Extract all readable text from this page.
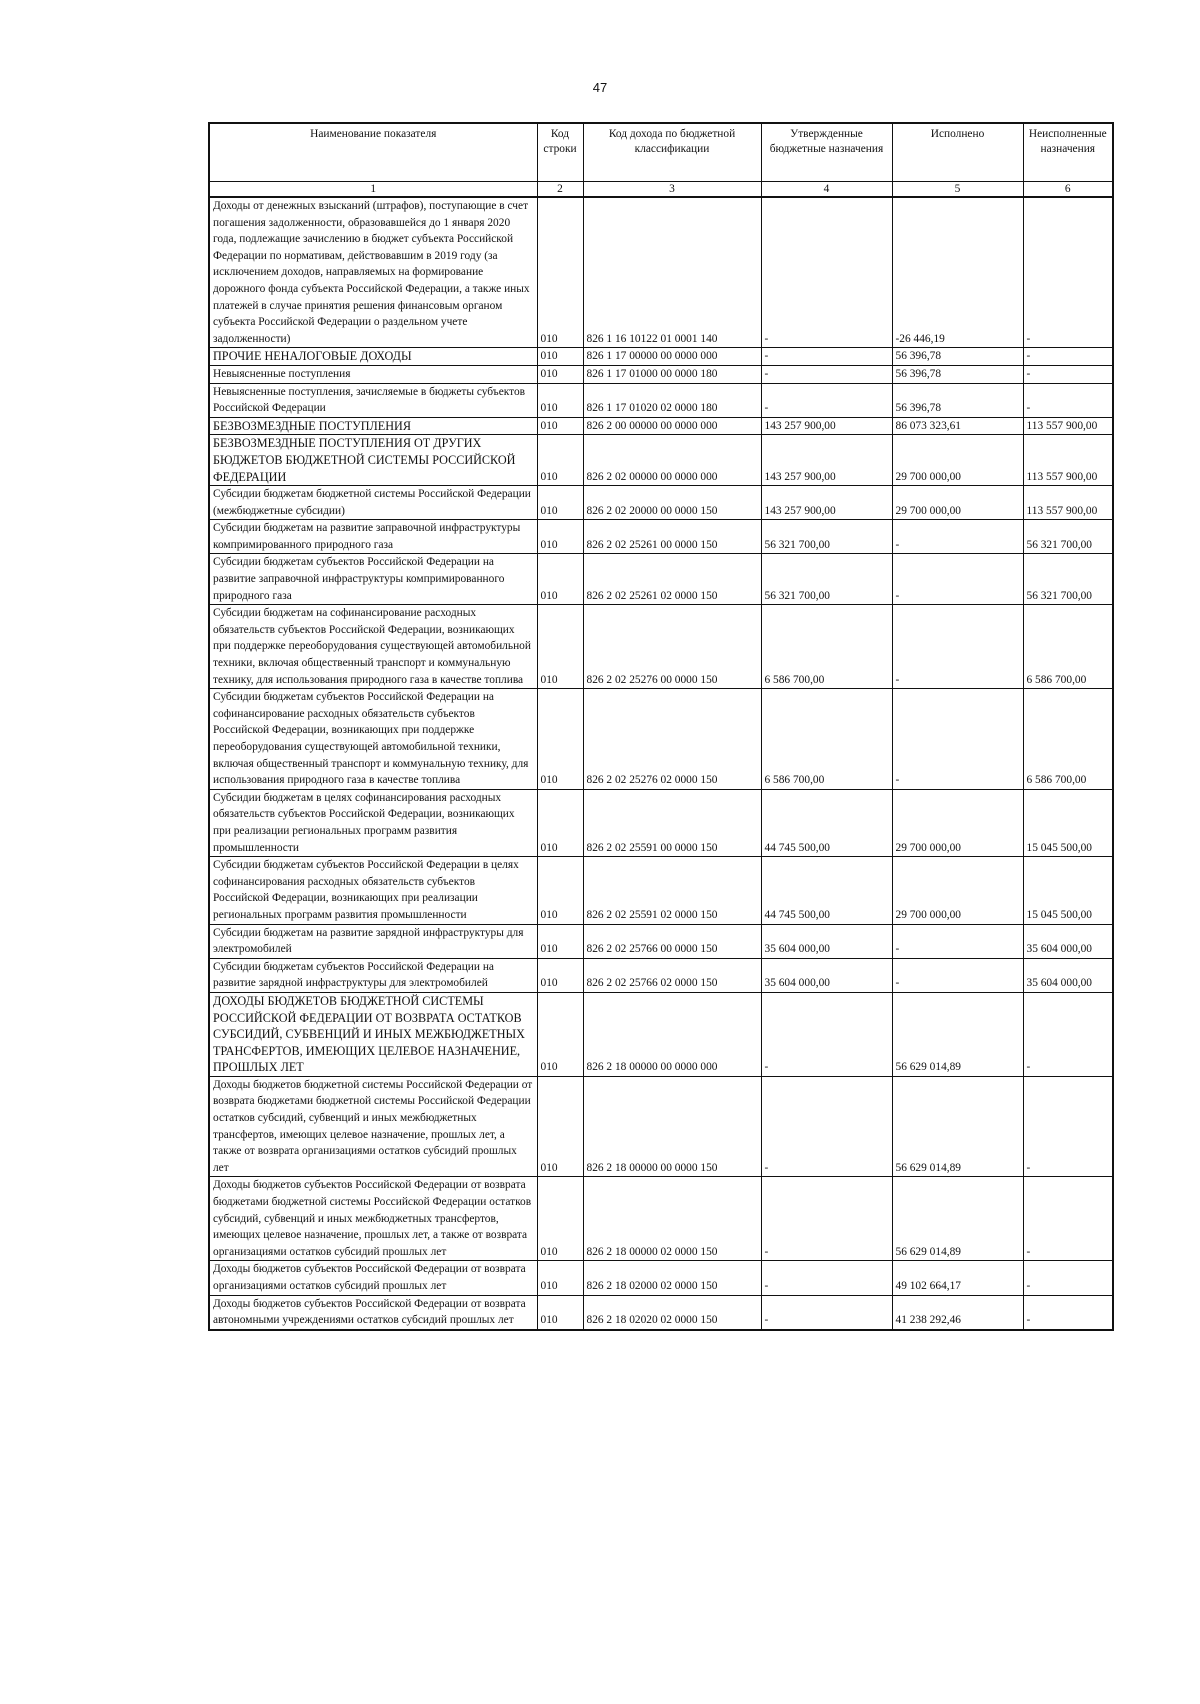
47
Наименование показателя	Код строки	Код дохода по бюджетной классификации	Утвержденные бюджетные назначения	Исполнено	Неисполненные назначения
1	2	3	4	5	6
Доходы от денежных взысканий (штрафов), поступающие в счет погашения задолженности, образовавшейся до 1 января 2020 года, подлежащие зачислению в бюджет субъекта Российской Федерации по нормативам, действовавшим в 2019 году (за исключением доходов, направляемых на формирование дорожного фонда субъекта Российской Федерации, а также иных платежей в случае принятия решения финансовым органом субъекта Российской Федерации о раздельном учете задолженности)	010	826 1 16 10122 01 0001 140	-	-26 446,19	-
ПРОЧИЕ НЕНАЛОГОВЫЕ ДОХОДЫ	010	826 1 17 00000 00 0000 000	-	56 396,78	-
Невыясненные поступления	010	826 1 17 01000 00 0000 180	-	56 396,78	-
Невыясненные поступления, зачисляемые в бюджеты субъектов Российской Федерации	010	826 1 17 01020 02 0000 180	-	56 396,78	-
БЕЗВОЗМЕЗДНЫЕ ПОСТУПЛЕНИЯ	010	826 2 00 00000 00 0000 000	143 257 900,00	86 073 323,61	113 557 900,00
БЕЗВОЗМЕЗДНЫЕ ПОСТУПЛЕНИЯ ОТ ДРУГИХ БЮДЖЕТОВ БЮДЖЕТНОЙ СИСТЕМЫ РОССИЙСКОЙ ФЕДЕРАЦИИ	010	826 2 02 00000 00 0000 000	143 257 900,00	29 700 000,00	113 557 900,00
Субсидии бюджетам бюджетной системы Российской Федерации (межбюджетные субсидии)	010	826 2 02 20000 00 0000 150	143 257 900,00	29 700 000,00	113 557 900,00
Субсидии бюджетам на развитие заправочной инфраструктуры компримированного природного газа	010	826 2 02 25261 00 0000 150	56 321 700,00	-	56 321 700,00
Субсидии бюджетам субъектов Российской Федерации на развитие заправочной инфраструктуры компримированного природного газа	010	826 2 02 25261 02 0000 150	56 321 700,00	-	56 321 700,00
Субсидии бюджетам на софинансирование расходных обязательств субъектов Российской Федерации, возникающих при поддержке переоборудования существующей автомобильной техники, включая общественный транспорт и коммунальную технику, для использования природного газа в качестве топлива	010	826 2 02 25276 00 0000 150	6 586 700,00	-	6 586 700,00
Субсидии бюджетам субъектов Российской Федерации на софинансирование расходных обязательств субъектов Российской Федерации, возникающих при поддержке переоборудования существующей автомобильной техники, включая общественный транспорт и коммунальную технику, для использования природного газа в качестве топлива	010	826 2 02 25276 02 0000 150	6 586 700,00	-	6 586 700,00
Субсидии бюджетам в целях софинансирования расходных обязательств субъектов Российской Федерации, возникающих при реализации региональных программ развития промышленности	010	826 2 02 25591 00 0000 150	44 745 500,00	29 700 000,00	15 045 500,00
Субсидии бюджетам субъектов Российской Федерации в целях софинансирования расходных обязательств субъектов Российской Федерации, возникающих при реализации региональных программ развития промышленности	010	826 2 02 25591 02 0000 150	44 745 500,00	29 700 000,00	15 045 500,00
Субсидии бюджетам на развитие зарядной инфраструктуры для электромобилей	010	826 2 02 25766 00 0000 150	35 604 000,00	-	35 604 000,00
Субсидии бюджетам субъектов Российской Федерации на развитие зарядной инфраструктуры для электромобилей	010	826 2 02 25766 02 0000 150	35 604 000,00	-	35 604 000,00
ДОХОДЫ БЮДЖЕТОВ БЮДЖЕТНОЙ СИСТЕМЫ РОССИЙСКОЙ ФЕДЕРАЦИИ ОТ ВОЗВРАТА ОСТАТКОВ СУБСИДИЙ, СУБВЕНЦИЙ И ИНЫХ МЕЖБЮДЖЕТНЫХ ТРАНСФЕРТОВ, ИМЕЮЩИХ ЦЕЛЕВОЕ НАЗНАЧЕНИЕ, ПРОШЛЫХ ЛЕТ	010	826 2 18 00000 00 0000 000	-	56 629 014,89	-
Доходы бюджетов бюджетной системы Российской Федерации от возврата бюджетами бюджетной системы Российской Федерации остатков субсидий, субвенций и иных межбюджетных трансфертов, имеющих целевое назначение, прошлых лет, а также от возврата организациями остатков субсидий прошлых лет	010	826 2 18 00000 00 0000 150	-	56 629 014,89	-
Доходы бюджетов субъектов Российской Федерации от возврата бюджетами бюджетной системы Российской Федерации остатков субсидий, субвенций и иных межбюджетных трансфертов, имеющих целевое назначение, прошлых лет, а также от возврата организациями остатков субсидий прошлых лет	010	826 2 18 00000 02 0000 150	-	56 629 014,89	-
Доходы бюджетов субъектов Российской Федерации от возврата организациями остатков субсидий прошлых лет	010	826 2 18 02000 02 0000 150	-	49 102 664,17	-
Доходы бюджетов субъектов Российской Федерации от возврата автономными учреждениями остатков субсидий прошлых лет	010	826 2 18 02020 02 0000 150	-	41 238 292,46	-
